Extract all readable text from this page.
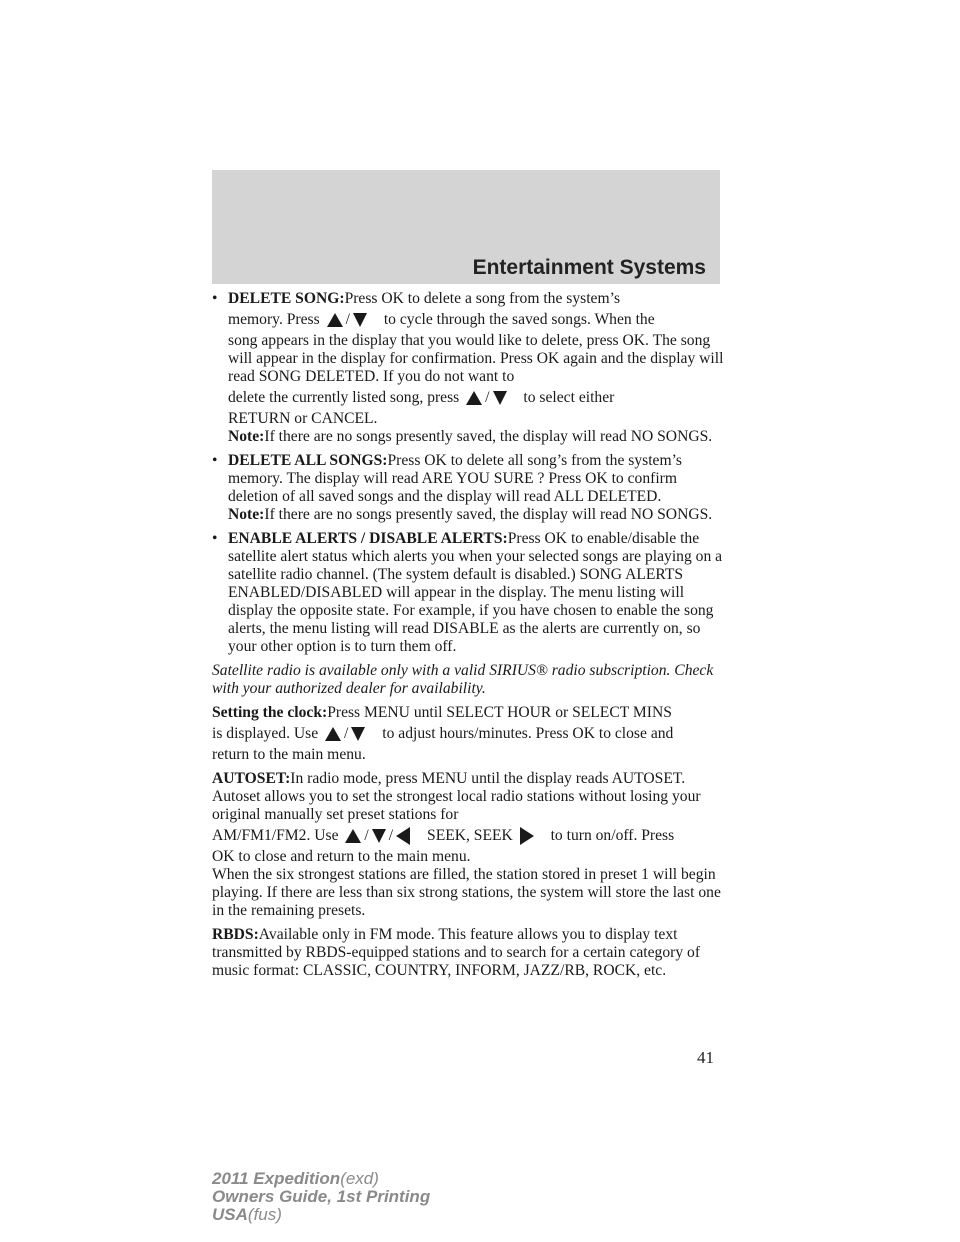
Entertainment Systems
• DELETE SONG:Press OK to delete a song from the system’s
memory. Press / to cycle through the saved songs. When the
song appears in the display that you would like to delete, press OK. The song will appear in the display for confirmation. Press OK again and the display will read SONG DELETED. If you do not want to
delete the currently listed song, press / to select either
RETURN or CANCEL.
Note:If there are no songs presently saved, the display will read NO SONGS.
• DELETE ALL SONGS:Press OK to delete all song’s from the system’s memory. The display will read ARE YOU SURE ? Press OK to confirm deletion of all saved songs and the display will read ALL DELETED.
Note:If there are no songs presently saved, the display will read NO SONGS.
• ENABLE ALERTS / DISABLE ALERTS:Press OK to enable/disable the satellite alert status which alerts you when your selected songs are playing on a satellite radio channel. (The system default is disabled.) SONG ALERTS ENABLED/DISABLED will appear in the display. The menu listing will display the opposite state. For example, if you have chosen to enable the song alerts, the menu listing will read DISABLE as the alerts are currently on, so your other option is to turn them off.
Satellite radio is available only with a valid SIRIUS® radio subscription. Check with your authorized dealer for availability.
Setting the clock:Press MENU until SELECT HOUR or SELECT MINS
is displayed. Use / to adjust hours/minutes. Press OK to close and
return to the main menu.
AUTOSET:In radio mode, press MENU until the display reads AUTOSET. Autoset allows you to set the strongest local radio stations without losing your original manually set preset stations for
AM/FM1/FM2. Use / / SEEK, SEEK to turn on/off. Press
OK to close and return to the main menu.
When the six strongest stations are filled, the station stored in preset 1 will begin playing. If there are less than six strong stations, the system will store the last one in the remaining presets.
RBDS:Available only in FM mode. This feature allows you to display text transmitted by RBDS-equipped stations and to search for a certain category of music format: CLASSIC, COUNTRY, INFORM, JAZZ/RB, ROCK, etc.
41
2011 Expedition(exd)
Owners Guide, 1st Printing
USA(fus)
